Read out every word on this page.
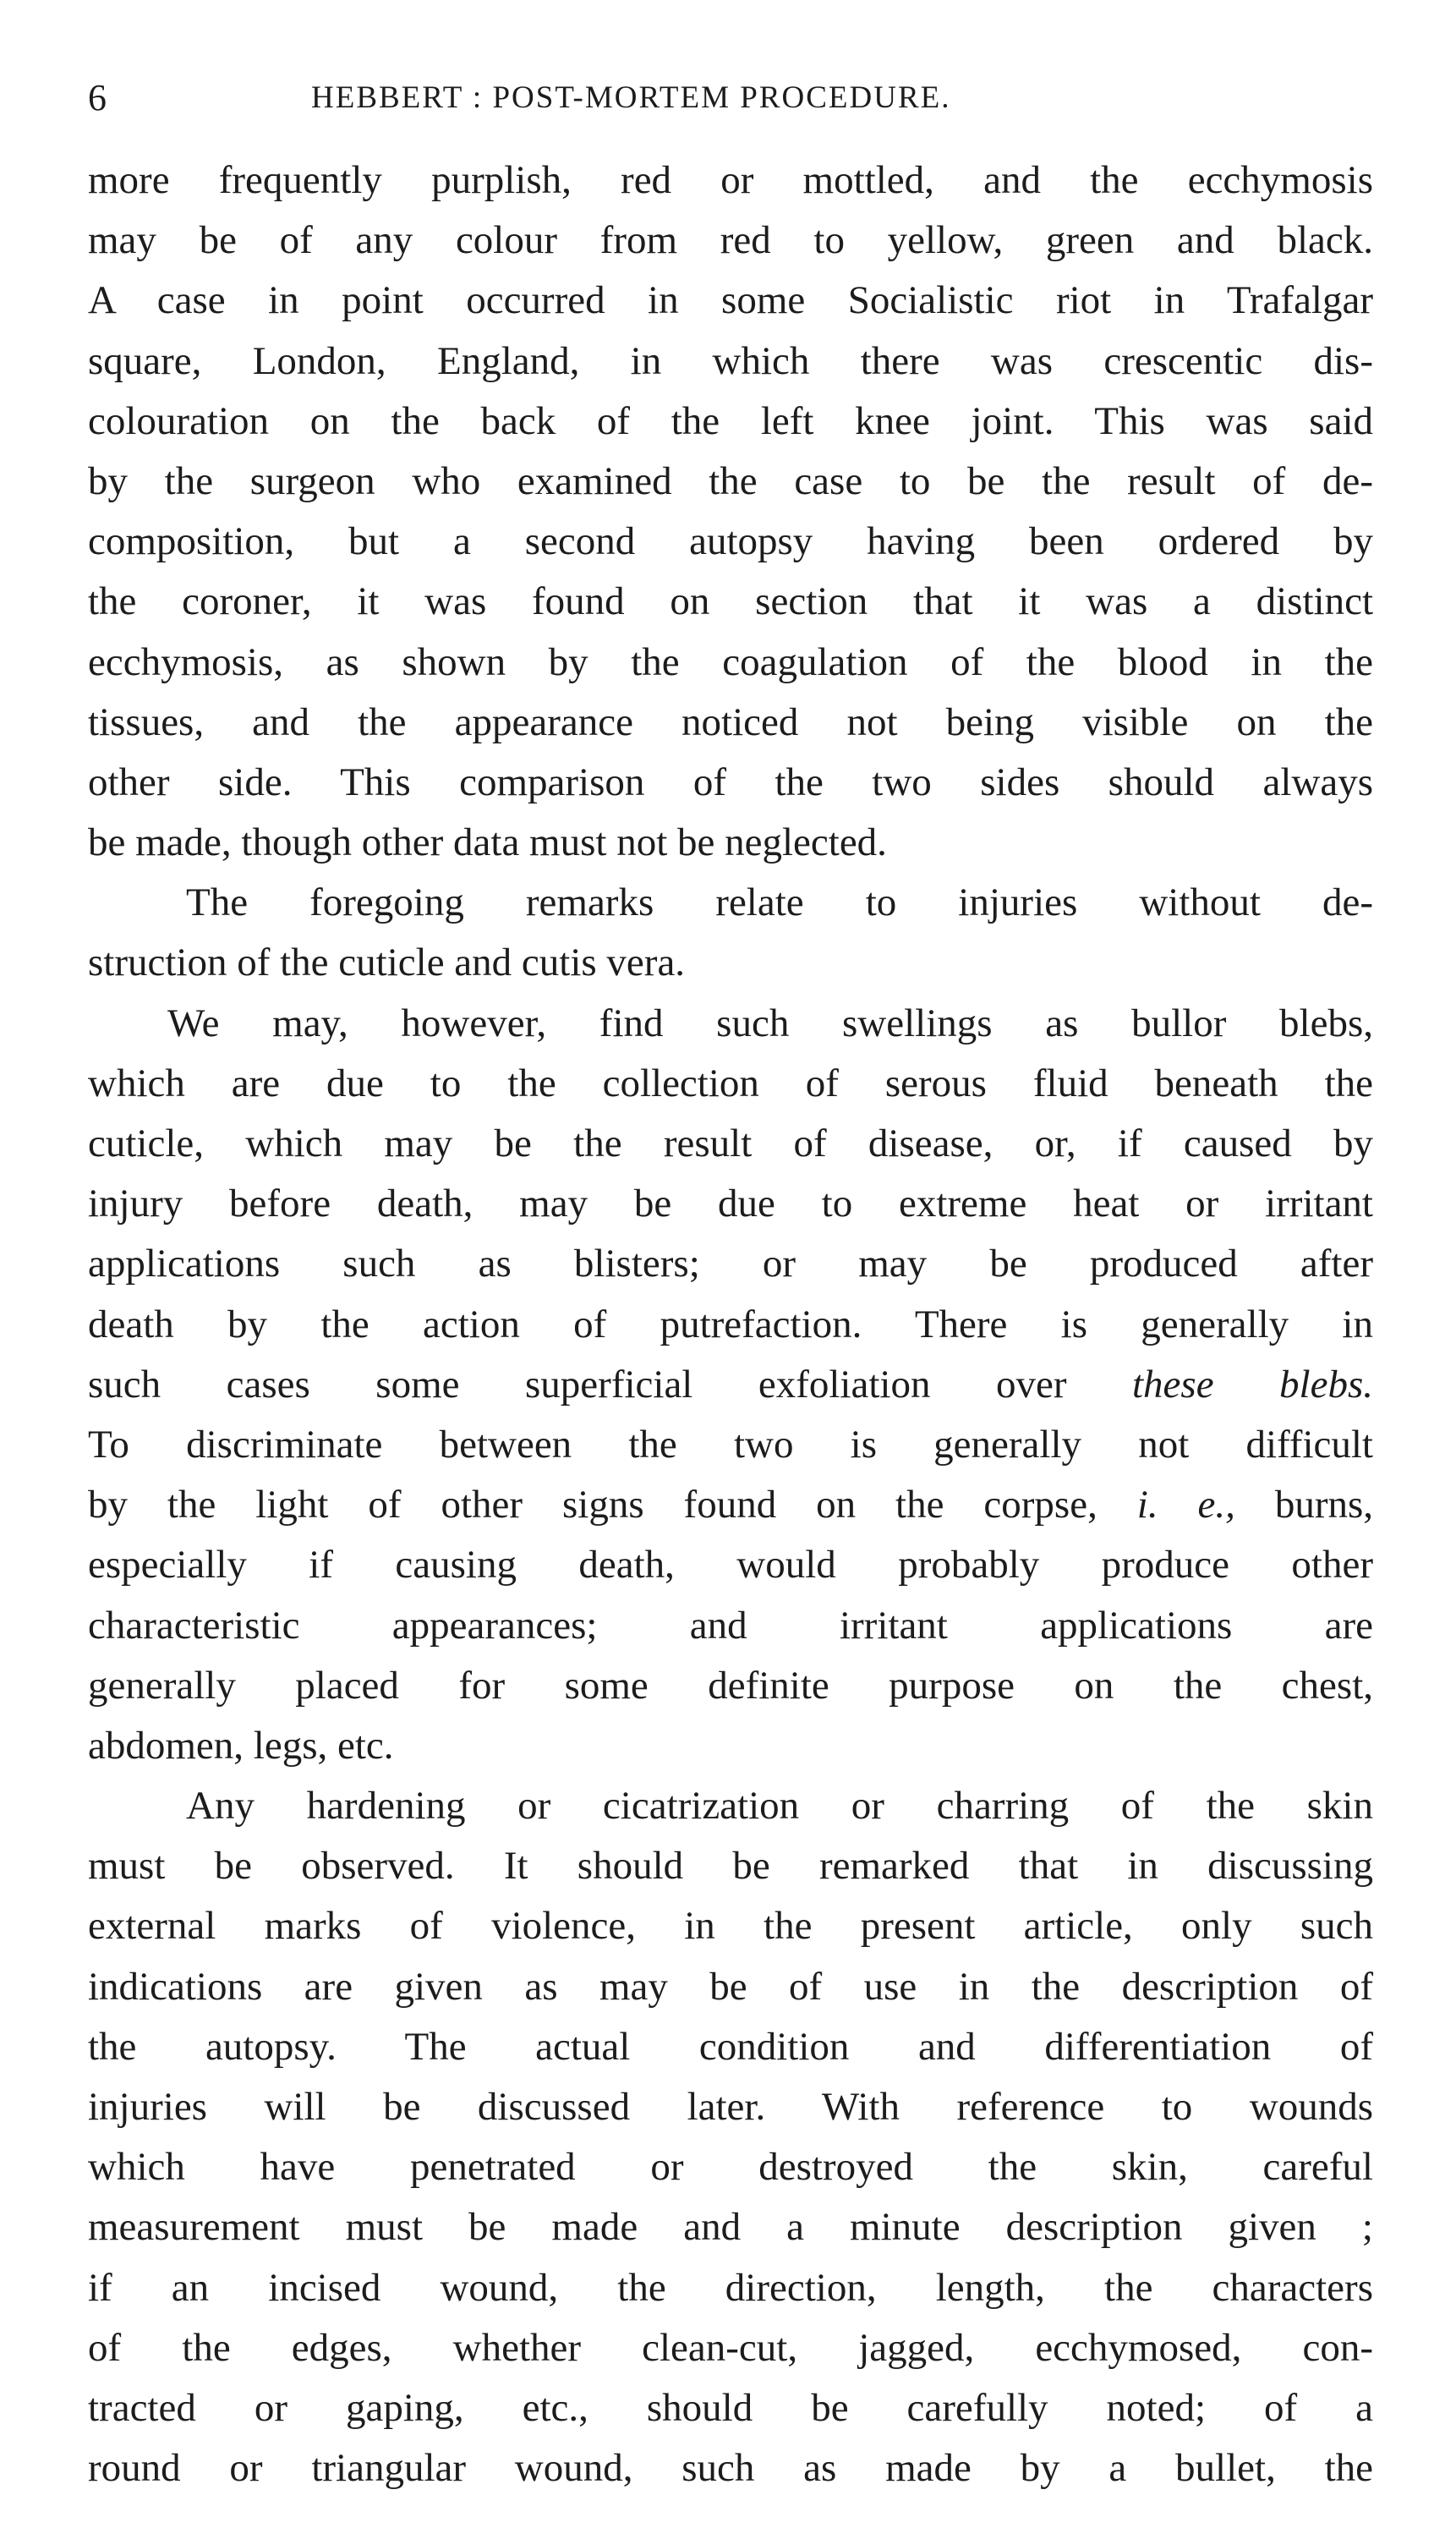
6	HEBBERT : POST-MORTEM PROCEDURE.
more frequently purplish, red or mottled, and the ecchymosis
may be of any colour from red to yellow, green and black.
A case in point occurred in some Socialistic riot in Trafalgar
square, London, England, in which there was crescentic dis-
colouration on the back of the left knee joint. This was said
by the surgeon who examined the case to be the result of de-
composition, but a second autopsy having been ordered by
the coroner, it was found on section that it was a distinct
ecchymosis, as shown by the coagulation of the blood in the
tissues, and the appearance noticed not being visible on the
other side. This comparison of the two sides should always
be made, though other data must not be neglected.
The foregoing remarks relate to injuries without de-
struction of the cuticle and cutis vera.
We may, however, find such swellings as bullor blebs,
which are due to the collection of serous fluid beneath the
cuticle, which may be the result of disease, or, if caused by
injury before death, may be due to extreme heat or irritant
applications such as blisters; or may be produced after
death by the action of putrefaction. There is generally in
such cases some superficial exfoliation over these blebs.
To discriminate between the two is generally not difficult
by the light of other signs found on the corpse, i. e., burns,
especially if causing death, would probably produce other
characteristic appearances; and irritant applications are
generally placed for some definite purpose on the chest,
abdomen, legs, etc.
Any hardening or cicatrization or charring of the skin
must be observed. It should be remarked that in discussing
external marks of violence, in the present article, only such
indications are given as may be of use in the description of
the autopsy. The actual condition and differentiation of
injuries will be discussed later. With reference to wounds
which have penetrated or destroyed the skin, careful
measurement must be made and a minute description given ;
if an incised wound, the direction, length, the characters
of the edges, whether clean-cut, jagged, ecchymosed, con-
tracted or gaping, etc., should be carefully noted; of a
round or triangular wound, such as made by a bullet, the
